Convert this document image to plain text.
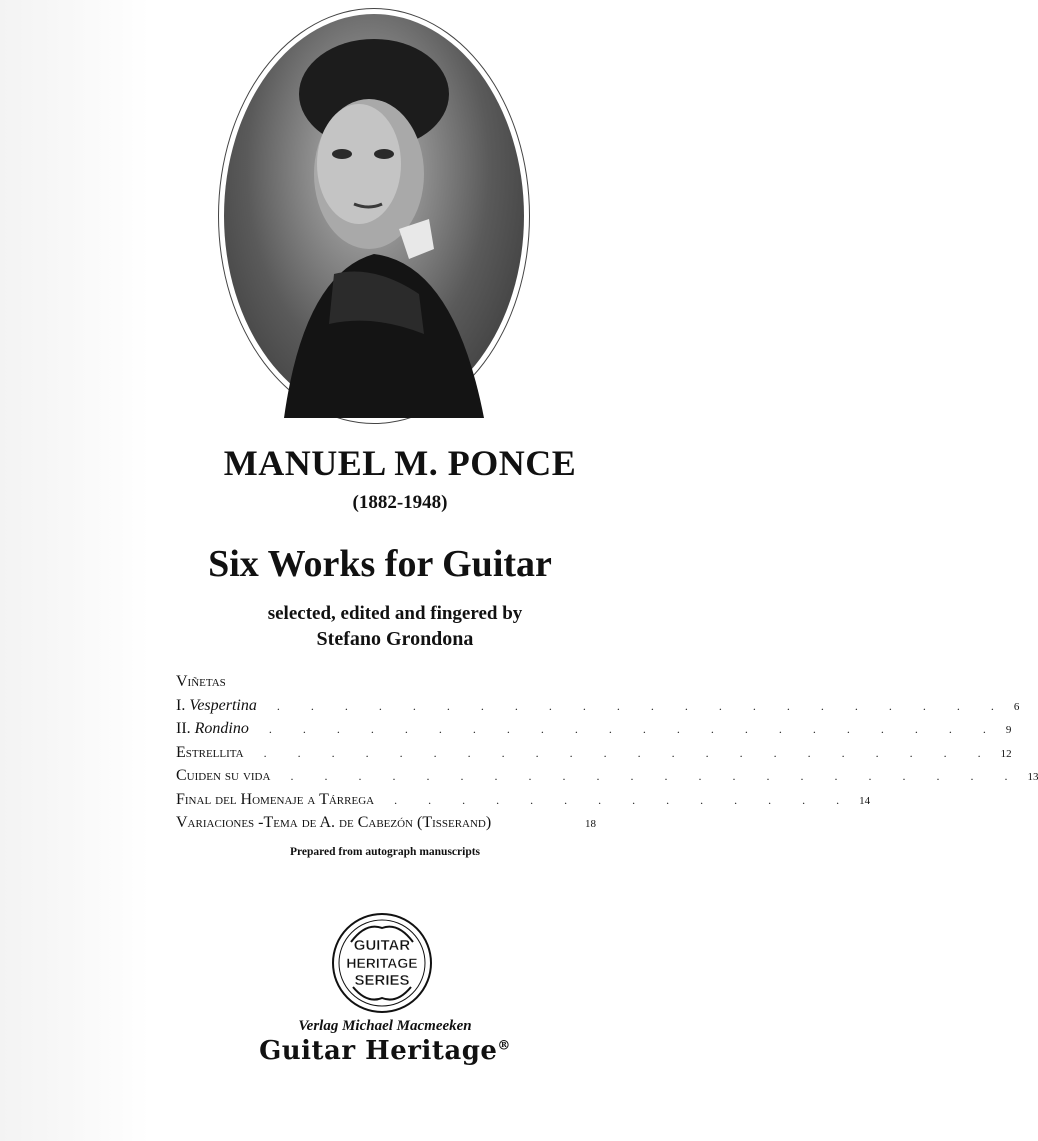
MANUEL M. PONCE
(1882-1948)
Six Works for Guitar
selected, edited and fingered by
Stefano Grondona
Viñetas
I. Vespertina	. . . . . . . . . . . . . . . . . . . . . . 6
II. Rondino	. . . . . . . . . . . . . . . . . . . . . . 9
Estrellita	. . . . . . . . . . . . . . . . . . . . . . 12
Cuiden su vida	. . . . . . . . . . . . . . . . . . . . . . 13
Final del Homenaje a Tárrega	. . . . . . . . . . . . . . 14
Variaciones -Tema de A. de Cabezón (Tisserand)	18
Prepared from autograph manuscripts
GUITAR
HERITAGE
SERIES
Verlag Michael Macmeeken
Guitar Heritage®
